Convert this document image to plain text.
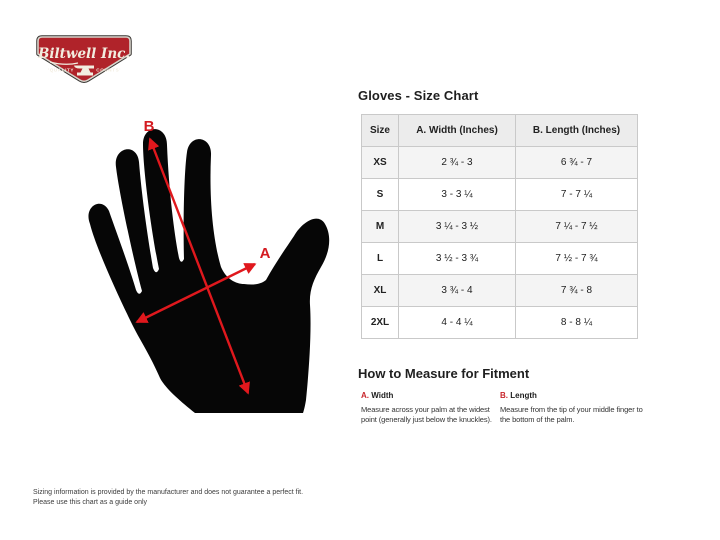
Biltwell Inc.
'QUALITY	COUNTS'
B
A
Gloves - Size Chart
Size	A. Width (Inches)	B. Length (Inches)
XS	2 ¾ - 3	6 ¾ - 7
S	3 - 3 ¼	7 - 7 ¼
M	3 ¼ - 3 ½	7 ¼ - 7 ½
L	3 ½ - 3 ¾	7 ½ - 7 ¾
XL	3 ¾ - 4	7 ¾ - 8
2XL	4 - 4 ¼	8 - 8 ¼
How to Measure for Fitment
A. Width
Measure across your palm at the widest point (generally just below the knuckles).
B. Length
Measure from the tip of your middle finger to the bottom of the palm.
Sizing information is provided by the manufacturer and does not guarantee a perfect fit.
Please use this chart as a guide only
